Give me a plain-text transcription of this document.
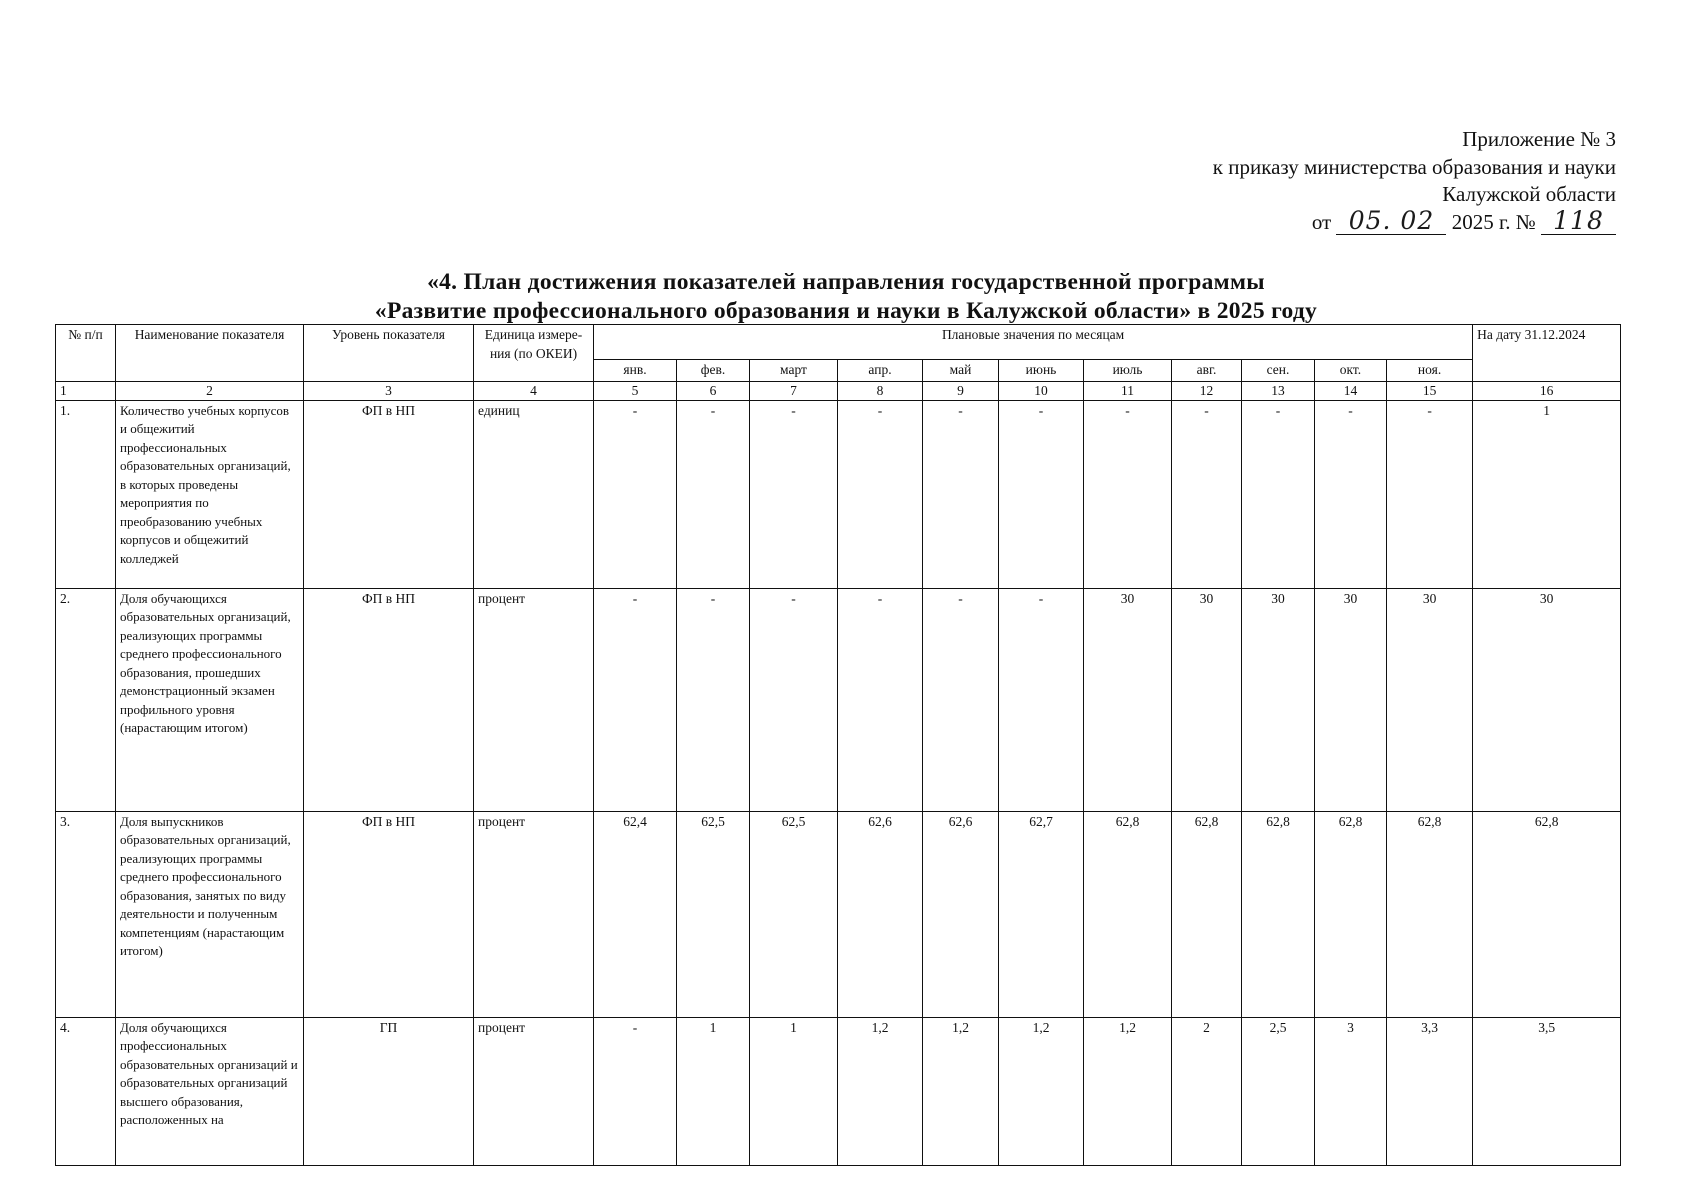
Приложение № 3
к приказу министерства образования и науки
Калужской области
от 05. 02 2025 г. № 118
«4. План достижения показателей направления государственной программы
«Развитие профессионального образования и науки в Калужской области» в 2025 году
№ п/п	Наименование показателя	Уровень показателя	Единица измере-ния (по ОКЕИ)	Плановые значения по месяцам											На дату 31.12.2024
				янв.	фев.	март	апр.	май	июнь	июль	авг.	сен.	окт.	ноя.	
1	2	3	4	5	6	7	8	9	10	11	12	13	14	15	16
1.	Количество учебных корпусов и общежитий профессиональных образовательных организаций, в которых проведены мероприятия по преобразованию учебных корпусов и общежитий колледжей	ФП в НП	единиц	-	-	-	-	-	-	-	-	-	-	-	1
2.	Доля обучающихся образовательных организаций, реализующих программы среднего профессионального образования, прошедших демонстрационный экзамен профильного уровня (нарастающим итогом)	ФП в НП	процент	-	-	-	-	-	-	30	30	30	30	30	30
3.	Доля выпускников образовательных организаций, реализующих программы среднего профессионального образования, занятых по виду деятельности и полученным компетенциям (нарастающим итогом)	ФП в НП	процент	62,4	62,5	62,5	62,6	62,6	62,7	62,8	62,8	62,8	62,8	62,8	62,8
4.	Доля обучающихся профессиональных образовательных организаций и образовательных организаций высшего образования, расположенных на	ГП	процент	-	1	1	1,2	1,2	1,2	1,2	2	2,5	3	3,3	3,5
